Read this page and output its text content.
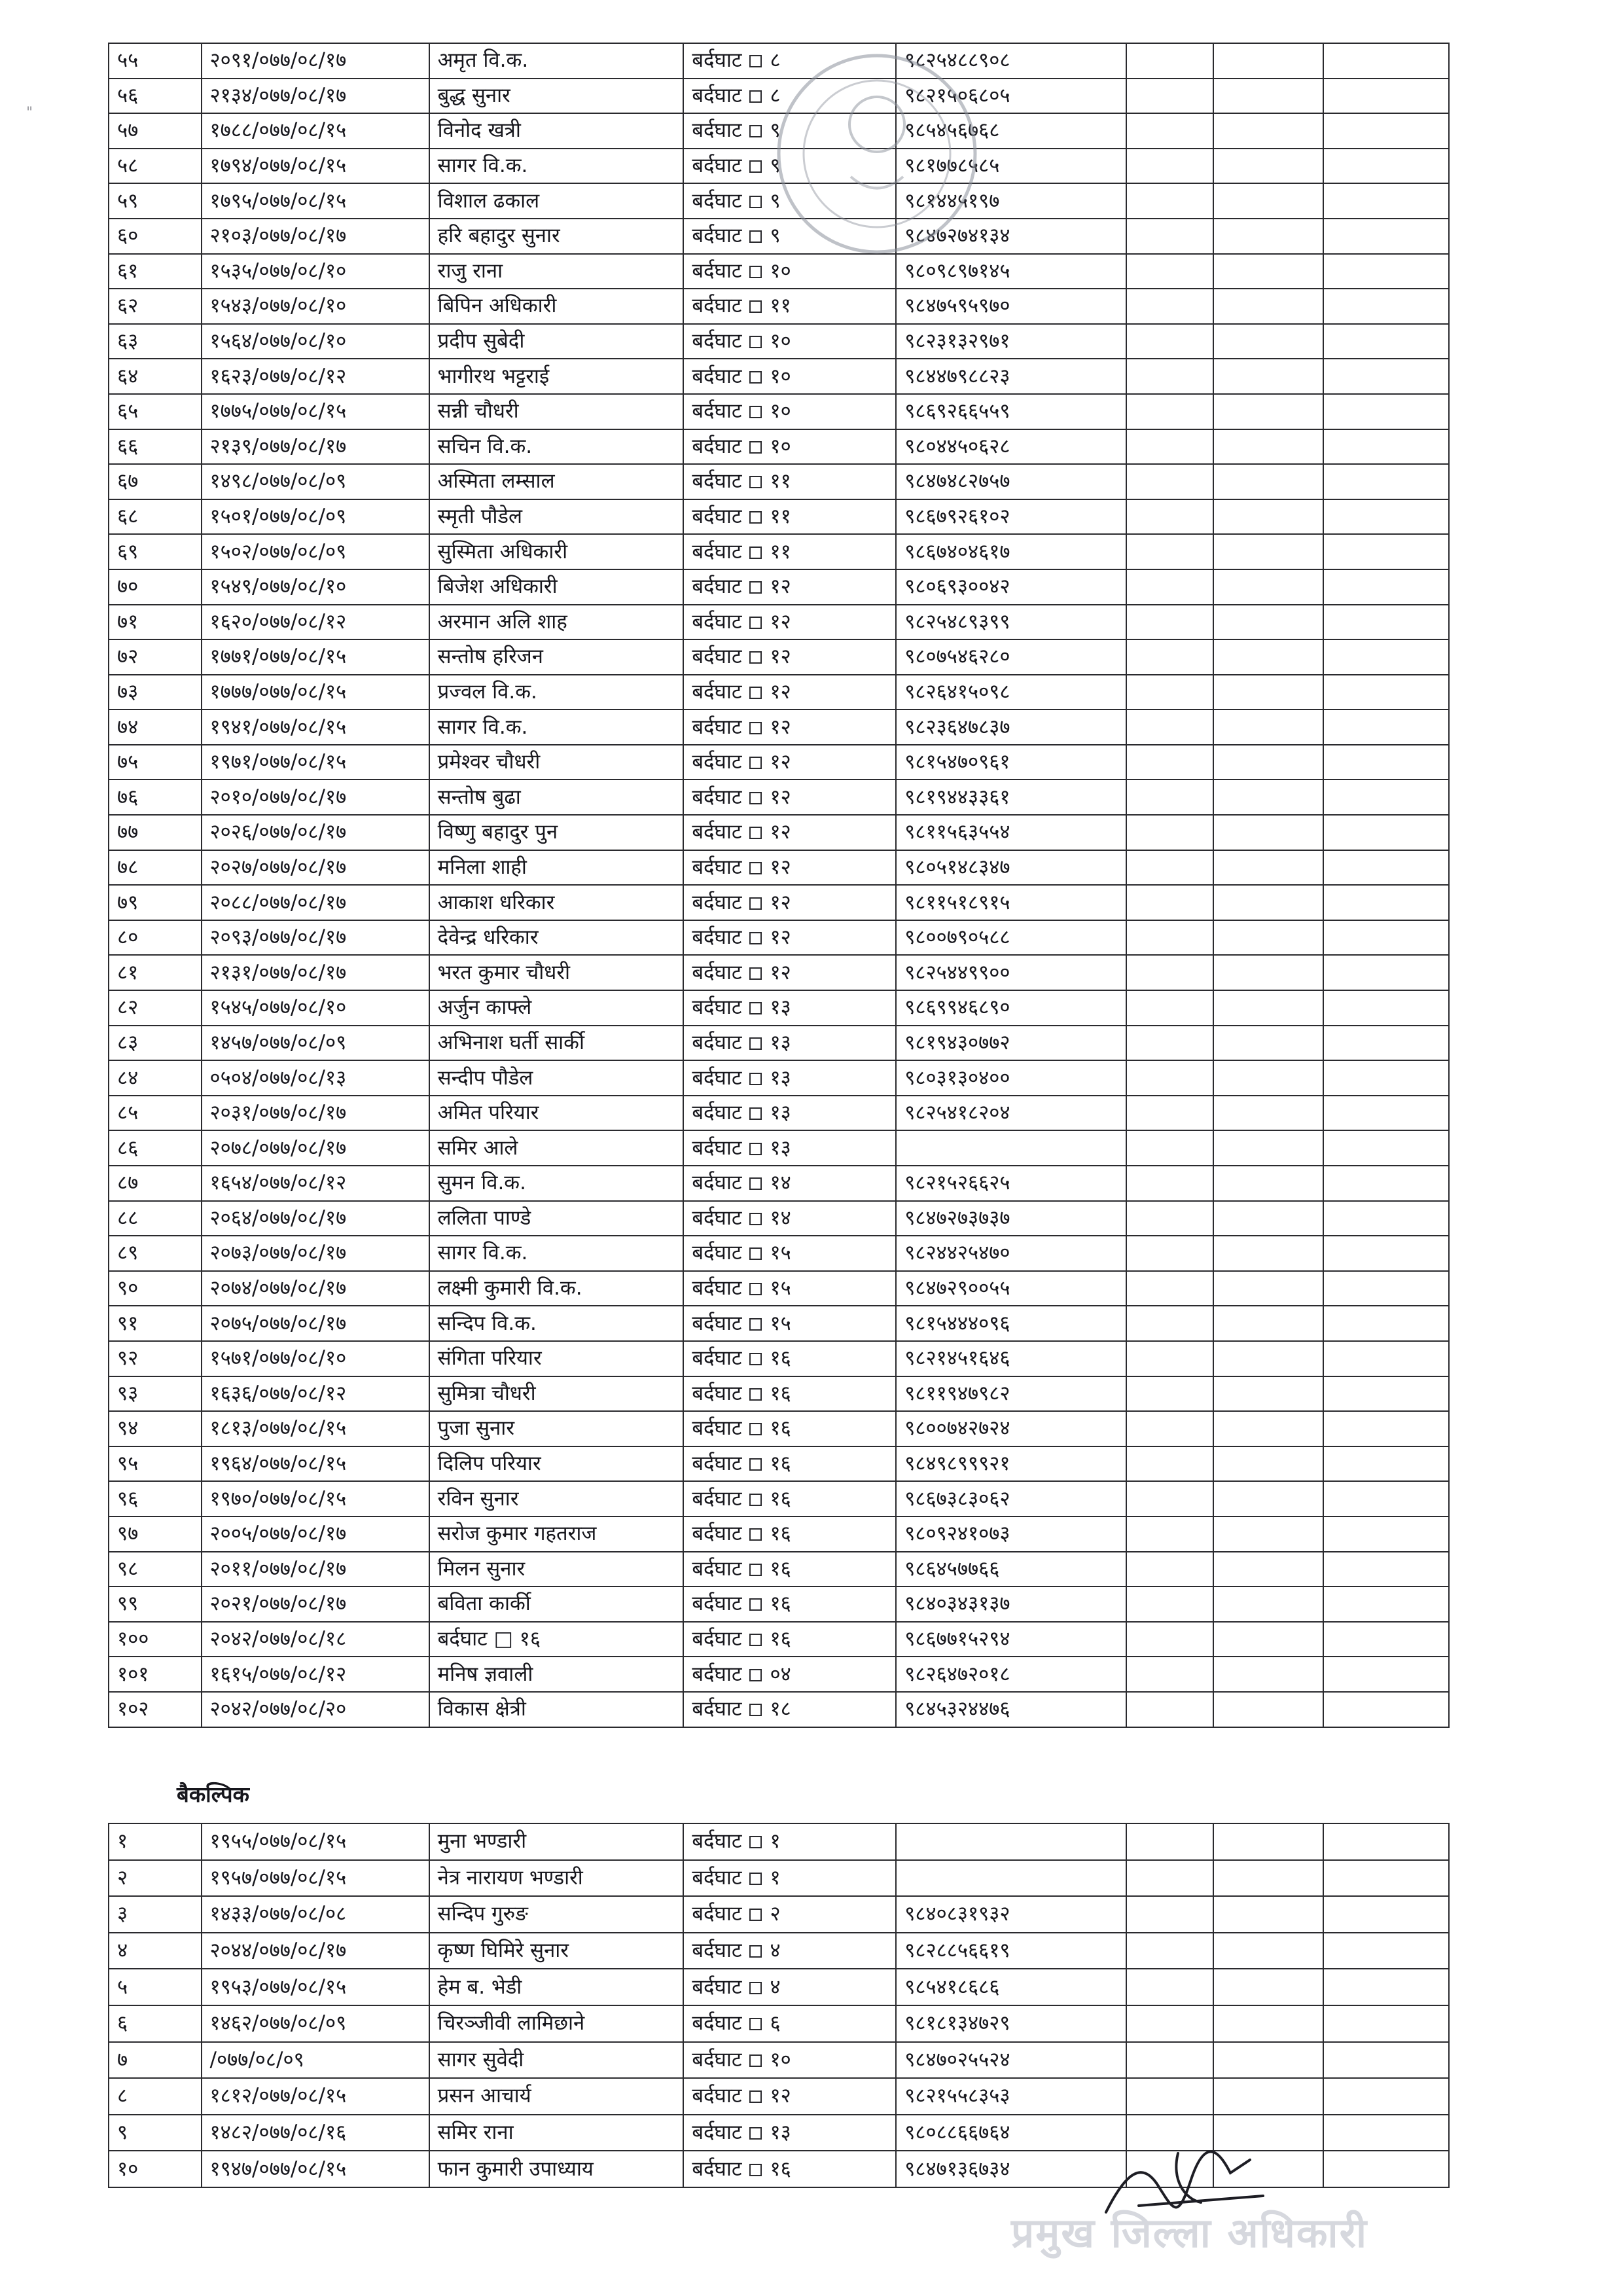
"
५५	२०९१/०७७/०८/१७	अमृत वि.क.	बर्दघाट ८	९८२५४८८९०८			
५६	२१३४/०७७/०८/१७	बुद्ध सुनार	बर्दघाट ८	९८२१५०६८०५			
५७	१७८८/०७७/०८/१५	विनोद खत्री	बर्दघाट ९	९८५४५६७६८			
५८	१७९४/०७७/०८/१५	सागर वि.क.	बर्दघाट ९	९८१७७८५८५			
५९	१७९५/०७७/०८/१५	विशाल ढकाल	बर्दघाट ९	९८१४४५१९७			
६०	२१०३/०७७/०८/१७	हरि बहादुर सुनार	बर्दघाट ९	९८४७२७४१३४			
६१	१५३५/०७७/०८/१०	राजु राना	बर्दघाट १०	९८०९८९७१४५			
६२	१५४३/०७७/०८/१०	बिपिन अधिकारी	बर्दघाट ११	९८४७५९५९७०			
६३	१५६४/०७७/०८/१०	प्रदीप सुबेदी	बर्दघाट १०	९८२३१३२९७१			
६४	१६२३/०७७/०८/१२	भागीरथ भट्टराई	बर्दघाट १०	९८४४७९८८२३			
६५	१७७५/०७७/०८/१५	सन्नी चौधरी	बर्दघाट १०	९८६९२६६५५९			
६६	२१३९/०७७/०८/१७	सचिन वि.क.	बर्दघाट १०	९८०४४५०६२८			
६७	१४९८/०७७/०८/०९	अस्मिता लम्साल	बर्दघाट ११	९८४७४८२७५७			
६८	१५०१/०७७/०८/०९	स्मृती पौडेल	बर्दघाट ११	९८६७९२६१०२			
६९	१५०२/०७७/०८/०९	सुस्मिता अधिकारी	बर्दघाट ११	९८६७४०४६१७			
७०	१५४९/०७७/०८/१०	बिजेश अधिकारी	बर्दघाट १२	९८०६९३००४२			
७१	१६२०/०७७/०८/१२	अरमान अलि शाह	बर्दघाट १२	९८२५४८९३९९			
७२	१७७१/०७७/०८/१५	सन्तोष हरिजन	बर्दघाट १२	९८०७५४६२८०			
७३	१७७७/०७७/०८/१५	प्रज्वल वि.क.	बर्दघाट १२	९८२६४१५०९८			
७४	१९४१/०७७/०८/१५	सागर वि.क.	बर्दघाट १२	९८२३६४७८३७			
७५	१९७१/०७७/०८/१५	प्रमेश्वर चौधरी	बर्दघाट १२	९८१५४७०९६१			
७६	२०१०/०७७/०८/१७	सन्तोष बुढा	बर्दघाट १२	९८१९४४३३६१			
७७	२०२६/०७७/०८/१७	विष्णु बहादुर पुन	बर्दघाट १२	९८११५६३५५४			
७८	२०२७/०७७/०८/१७	मनिला शाही	बर्दघाट १२	९८०५१४८३४७			
७९	२०८८/०७७/०८/१७	आकाश धरिकार	बर्दघाट १२	९८११५१८९१५			
८०	२०९३/०७७/०८/१७	देवेन्द्र धरिकार	बर्दघाट १२	९८००७९०५८८			
८१	२१३१/०७७/०८/१७	भरत कुमार चौधरी	बर्दघाट १२	९८२५४४९९००			
८२	१५४५/०७७/०८/१०	अर्जुन काफ्ले	बर्दघाट १३	९८६९९४६८९०			
८३	१४५७/०७७/०८/०९	अभिनाश घर्ती सार्की	बर्दघाट १३	९८१९४३०७७२			
८४	०५०४/०७७/०८/१३	सन्दीप पौडेल	बर्दघाट १३	९८०३१३०४००			
८५	२०३१/०७७/०८/१७	अमित परियार	बर्दघाट १३	९८२५४१८२०४			
८६	२०७८/०७७/०८/१७	समिर आले	बर्दघाट १३				
८७	१६५४/०७७/०८/१२	सुमन वि.क.	बर्दघाट १४	९८२१५२६६२५			
८८	२०६४/०७७/०८/१७	ललिता पाण्डे	बर्दघाट १४	९८४७२७३७३७			
८९	२०७३/०७७/०८/१७	सागर वि.क.	बर्दघाट १५	९८२४४२५४७०			
९०	२०७४/०७७/०८/१७	लक्ष्मी कुमारी वि.क.	बर्दघाट १५	९८४७२९००५५			
९१	२०७५/०७७/०८/१७	सन्दिप वि.क.	बर्दघाट १५	९८१५४४४०९६			
९२	१५७१/०७७/०८/१०	संगिता परियार	बर्दघाट १६	९८२१४५१६४६			
९३	१६३६/०७७/०८/१२	सुमित्रा चौधरी	बर्दघाट १६	९८११९४७९८२			
९४	१८१३/०७७/०८/१५	पुजा सुनार	बर्दघाट १६	९८००७४२७२४			
९५	१९६४/०७७/०८/१५	दिलिप परियार	बर्दघाट १६	९८४९८९९९२१			
९६	१९७०/०७७/०८/१५	रविन सुनार	बर्दघाट १६	९८६७३८३०६२			
९७	२००५/०७७/०८/१७	सरोज कुमार गहतराज	बर्दघाट १६	९८०९२४१०७३			
९८	२०११/०७७/०८/१७	मिलन सुनार	बर्दघाट १६	९८६४५७७६६			
९९	२०२१/०७७/०८/१७	बविता कार्की	बर्दघाट १६	९८४०३४३१३७			
१००	२०४२/०७७/०८/१८	बर्दघाट □ १६	बर्दघाट १६	९८६७७१५२९४			
१०१	१६१५/०७७/०८/१२	मनिष ज्ञवाली	बर्दघाट ०४	९८२६४७२०१८			
१०२	२०४२/०७७/०८/२०	विकास क्षेत्री	बर्दघाट १८	९८४५३२४४७६			
बैकल्पिक
१	१९५५/०७७/०८/१५	मुना भण्डारी	बर्दघाट १				
२	१९५७/०७७/०८/१५	नेत्र नारायण भण्डारी	बर्दघाट १				
३	१४३३/०७७/०८/०८	सन्दिप गुरुङ	बर्दघाट २	९८४०८३१९३२			
४	२०४४/०७७/०८/१७	कृष्ण घिमिरे सुनार	बर्दघाट ४	९८२८८५६६१९			
५	१९५३/०७७/०८/१५	हेम ब. भेडी	बर्दघाट ४	९८५४१८६८६			
६	१४६२/०७७/०८/०९	चिरञ्जीवी लामिछाने	बर्दघाट ६	९८१८१३४७२९			
७	/०७७/०८/०९	सागर सुवेदी	बर्दघाट १०	९८४७०२५५२४			
८	१८१२/०७७/०८/१५	प्रसन आचार्य	बर्दघाट १२	९८२१५५८३५३			
९	१४८२/०७७/०८/१६	समिर राना	बर्दघाट १३	९८०८८६६७६४			
१०	१९४७/०७७/०८/१५	फान कुमारी उपाध्याय	बर्दघाट १६	९८४७१३६७३४			
प्रमुख जिल्ला अधिकारी
